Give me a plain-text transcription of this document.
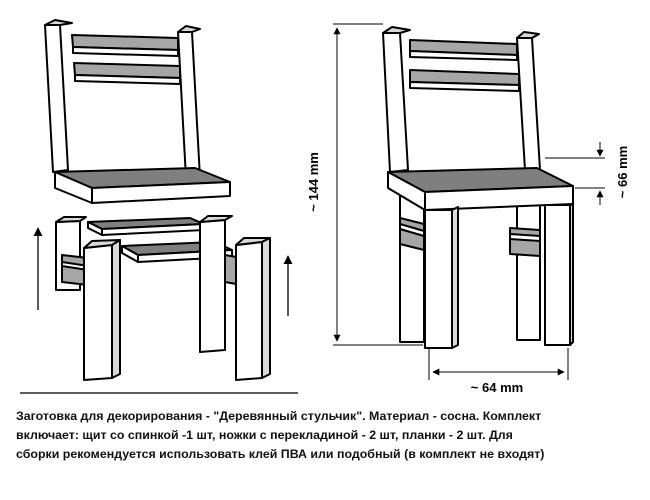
~ 144 mm	~ 66 mm
~ 64 mm
Заготовка для декорирования - "Деревянный стульчик". Материал - сосна. Комплект
включает: щит со спинкой -1 шт, ножки с перекладиной - 2 шт, планки - 2 шт. Для
сборки рекомендуется использовать клей ПВА или подобный (в комплект не входят)
